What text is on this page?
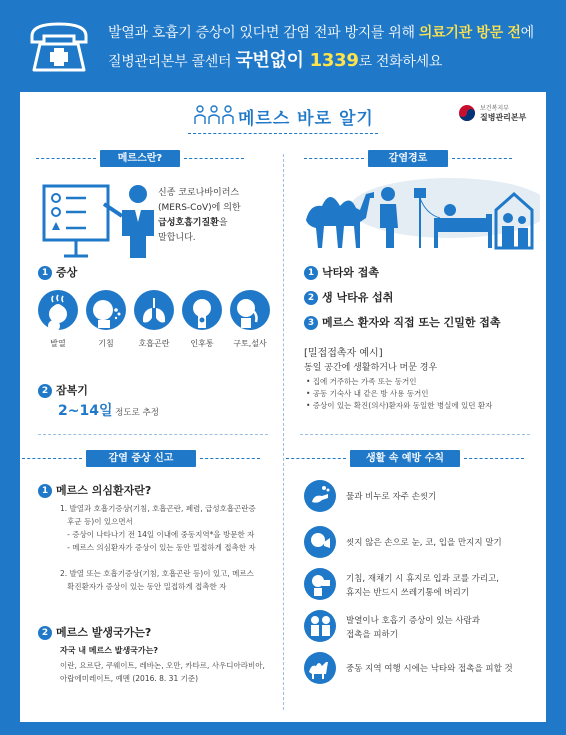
발열과 호흡기 증상이 있다면 감염 전파 방지를 위해 의료기관 방문 전에
질병관리본부 콜센터 국번없이 1339로 전화하세요
메르스 바로 알기
보건복지부
질병관리본부
메르스란?
신종 코로나바이러스
(MERS-CoV)에 의한
급성호흡기질환을
말합니다.
1 증상
발열	기침	호흡곤란	인후통	구토,설사
2 잠복기
2~14일 정도로 추정
감염경로
1 낙타와 접촉
2 생 낙타유 섭취
3 메르스 환자와 직접 또는 긴밀한 접촉
[밀접접촉자 예시]
동일 공간에 생활하거나 머문 경우
• 집에 거주하는 가족 또는 동거인
• 공동 기숙사 내 같은 방 사용 동거인
• 증상이 있는 확진(의사)환자와 동일한 병실에 있던 환자
감염 증상 신고
1 메르스 의심환자란?
1. 발열과 호흡기증상(기침, 호흡곤란, 폐렴, 급성호흡곤란증
후군 등)이 있으면서
- 증상이 나타나기 전 14일 이내에 중동지역*을 방문한 자
- 메르스 의심환자가 증상이 있는 동안 밀접하게 접촉한 자
2. 발열 또는 호흡기증상(기침, 호흡곤란 등)이 있고, 메르스
확진환자가 증상이 있는 동안 밀접하게 접촉한 자
2 메르스 발생국가는?
자국 내 메르스 발생국가는?
이란, 요르단, 쿠웨이트, 레바논, 오만, 카타르, 사우디아라비아,
아랍에미레이트, 예멘 (2016. 8. 31 기준)
생활 속 예방 수칙
물과 비누로 자주 손씻기
씻지 않은 손으로 눈, 코, 입을 만지지 말기
기침, 재채기 시 휴지로 입과 코를 가리고,
휴지는 반드시 쓰레기통에 버리기
발열이나 호흡기 증상이 있는 사람과
접촉을 피하기
중동 지역 여행 시에는 낙타와 접촉을 피할 것
